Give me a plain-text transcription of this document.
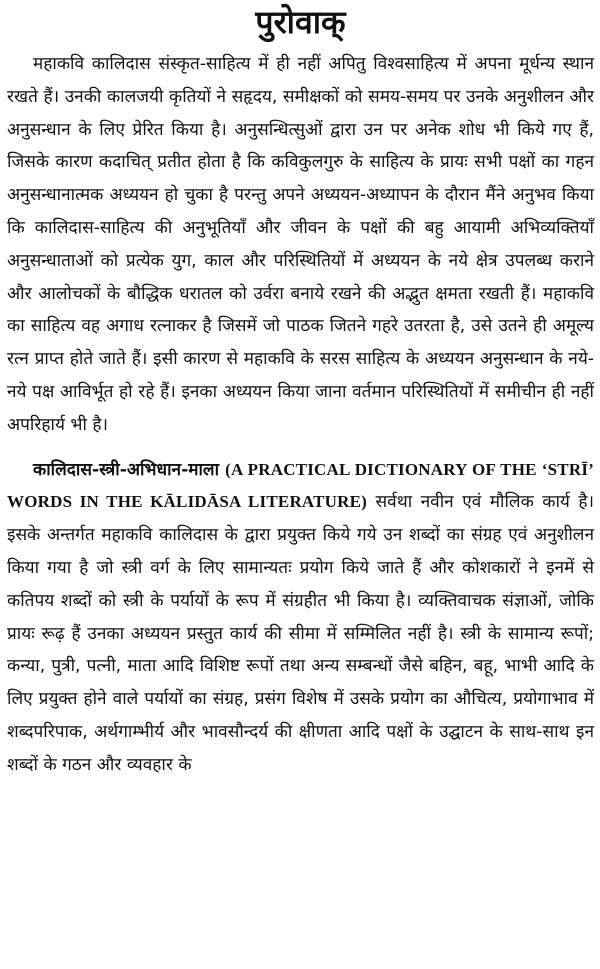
पुरोवाक्

महाकवि कालिदास संस्कृत-साहित्य में ही नहीं अपितु विश्वसाहित्य में अपना मूर्धन्य स्थान रखते हैं। उनकी कालजयी कृतियों ने सहृदय, समीक्षकों को समय-समय पर उनके अनुशीलन और अनुसन्धान के लिए प्रेरित किया है। अनुसन्धित्सुओं द्वारा उन पर अनेक शोध भी किये गए हैं, जिसके कारण कदाचित् प्रतीत होता है कि कविकुलगुरु के साहित्य के प्रायः सभी पक्षों का गहन अनुसन्धानात्मक अध्ययन हो चुका है परन्तु अपने अध्ययन-अध्यापन के दौरान मैंने अनुभव किया कि कालिदास-साहित्य की अनुभूतियाँ और जीवन के पक्षों की बहु आयामी अभिव्यक्तियाँ अनुसन्धाताओं को प्रत्येक युग, काल और परिस्थितियों में अध्ययन के नये क्षेत्र उपलब्ध कराने और आलोचकों के बौद्धिक धरातल को उर्वरा बनाये रखने की अद्भुत क्षमता रखती हैं। महाकवि का साहित्य वह अगाध रत्नाकर है जिसमें जो पाठक जितने गहरे उतरता है, उसे उतने ही अमूल्य रत्न प्राप्त होते जाते हैं। इसी कारण से महाकवि के सरस साहित्य के अध्ययन अनुसन्धान के नये-नये पक्ष आविर्भूत हो रहे हैं। इनका अध्ययन किया जाना वर्तमान परिस्थितियों में समीचीन ही नहीं अपरिहार्य भी है।

कालिदास-स्त्री-अभिधान-माला (A PRACTICAL DICTIONARY OF THE ‘STRĪ’ WORDS IN THE KĀLIDĀSA LITERATURE) सर्वथा नवीन एवं मौलिक कार्य है। इसके अन्तर्गत महाकवि कालिदास के द्वारा प्रयुक्त किये गये उन शब्दों का संग्रह एवं अनुशीलन किया गया है जो स्त्री वर्ग के लिए सामान्यतः प्रयोग किये जाते हैं और कोशकारों ने इनमें से कतिपय शब्दों को स्त्री के पर्यायों के रूप में संग्रहीत भी किया है। व्यक्तिवाचक संज्ञाओं, जोकि प्रायः रूढ़ हैं उनका अध्ययन प्रस्तुत कार्य की सीमा में सम्मिलित नहीं है। स्त्री के सामान्य रूपों; कन्या, पुत्री, पत्नी, माता आदि विशिष्ट रूपों तथा अन्य सम्बन्धों जैसे बहिन, बहू, भाभी आदि के लिए प्रयुक्त होने वाले पर्यायों का संग्रह, प्रसंग विशेष में उसके प्रयोग का औचित्य, प्रयोगाभाव में शब्दपरिपाक, अर्थगाम्भीर्य और भावसौन्दर्य की क्षीणता आदि पक्षों के उद्घाटन के साथ-साथ इन शब्दों के गठन और व्यवहार के
